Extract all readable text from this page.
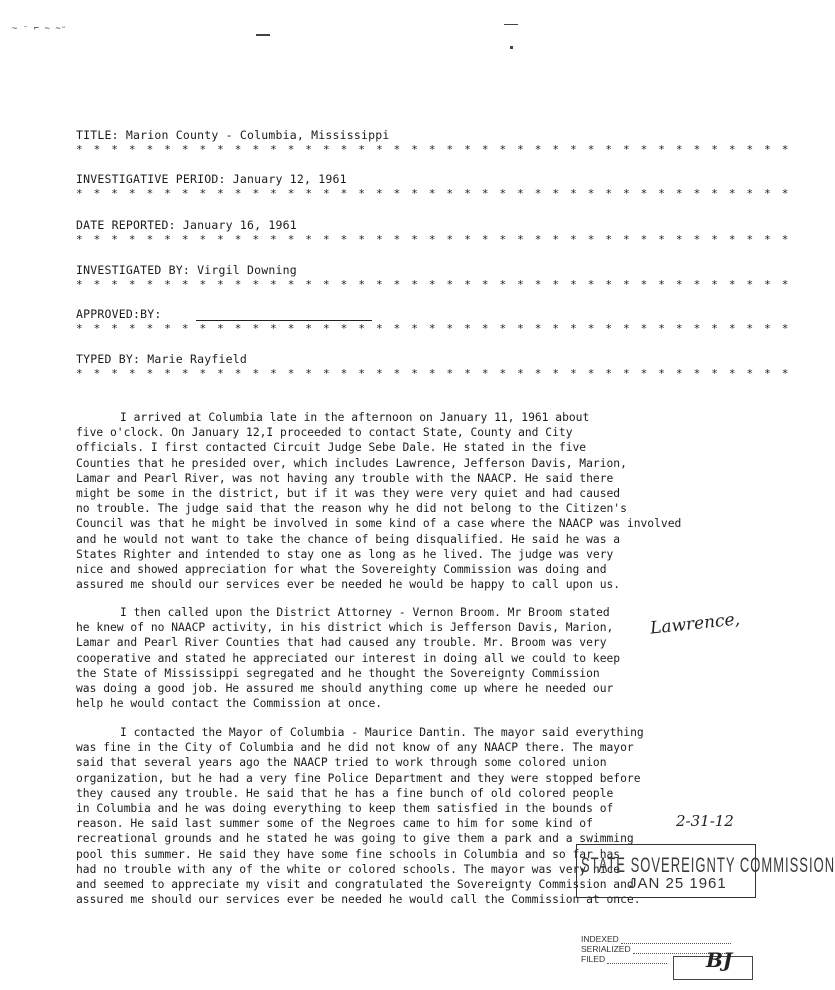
~ ⁻ ⌐ ~ ~ᵕ
TITLE: Marion County - Columbia, Mississippi
* * * * * * * * * * * * * * * * * * * * * * * * * * * * * * * * * * * * * * * * *
INVESTIGATIVE PERIOD: January 12, 1961
* * * * * * * * * * * * * * * * * * * * * * * * * * * * * * * * * * * * * * * * *
DATE REPORTED: January 16, 1961
* * * * * * * * * * * * * * * * * * * * * * * * * * * * * * * * * * * * * * * * *
INVESTIGATED BY: Virgil Downing
* * * * * * * * * * * * * * * * * * * * * * * * * * * * * * * * * * * * * * * * *
APPROVED:BY:
* * * * * * * * * * * * * * * * * * * * * * * * * * * * * * * * * * * * * * * * *
TYPED BY: Marie Rayfield
* * * * * * * * * * * * * * * * * * * * * * * * * * * * * * * * * * * * * * * * *
I arrived at Columbia late in the afternoon on January 11, 1961 about
five o'clock. On January 12,I proceeded to contact State, County and City
officials. I first contacted Circuit Judge Sebe Dale. He stated in the five
Counties that he presided over, which includes Lawrence, Jefferson Davis, Marion,
Lamar and Pearl River, was not having any trouble with the NAACP. He said there
might be some in the district, but if it was they were very quiet and had caused
no trouble. The judge said that the reason why he did not belong to the Citizen's
Council was that he might be involved in some kind of a case where the NAACP was involved
and he would not want to take the chance of being disqualified. He said he was a
States Righter and intended to stay one as long as he lived. The judge was very
nice and showed appreciation for what the Sovereighty Commission was doing and
assured me should our services ever be needed he would be happy to call upon us.
I then called upon the District Attorney - Vernon Broom. Mr Broom stated
he knew of no NAACP activity, in his district which is Jefferson Davis, Marion,
Lamar and Pearl River Counties that had caused any trouble. Mr. Broom was very
cooperative and stated he appreciated our interest in doing all we could to keep
the State of Mississippi segregated and he thought the Sovereignty Commission
was doing a good job. He assured me should anything come up where he needed our
help he would contact the Commission at once.
I contacted the Mayor of Columbia - Maurice Dantin. The mayor said everything
was fine in the City of Columbia and he did not know of any NAACP there. The mayor
said that several years ago the NAACP tried to work through some colored union
organization, but he had a very fine Police Department and they were stopped before
they caused any trouble. He said that he has a fine bunch of old colored people
in Columbia and he was doing everything to keep them satisfied in the bounds of
reason. He said last summer some of the Negroes came to him for some kind of
recreational grounds and he stated he was going to give them a park and a swimming
pool this summer. He said they have some fine schools in Columbia and so far has
had no trouble with any of the white or colored schools. The mayor was very nice
and seemed to appreciate my visit and congratulated the Sovereignty Commission and
assured me should our services ever be needed he would call the Commission at once.
Lawrence,
2-31-12
STATE SOVEREIGNTY COMMISSION
JAN 25 1961
INDEXED
SERIALIZED
FILED	BJ
